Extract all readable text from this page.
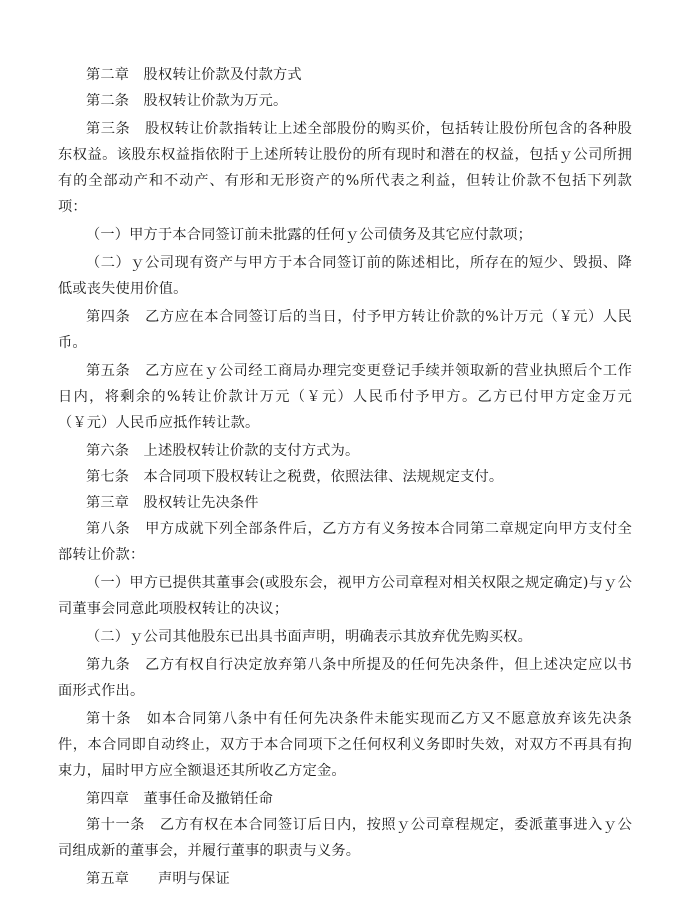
第二章　股权转让价款及付款方式

第二条　股权转让价款为万元。

第三条　股权转让价款指转让上述全部股份的购买价，包括转让股份所包含的各种股东权益。该股东权益指依附于上述所转让股份的所有现时和潜在的权益，包括ｙ公司所拥有的全部动产和不动产、有形和无形资产的%所代表之利益，但转让价款不包括下列款项：

（一）甲方于本合同签订前未批露的任何ｙ公司债务及其它应付款项；

（二）ｙ公司现有资产与甲方于本合同签订前的陈述相比，所存在的短少、毁损、降低或丧失使用价值。

第四条　乙方应在本合同签订后的当日，付予甲方转让价款的%计万元（￥元）人民币。

第五条　乙方应在ｙ公司经工商局办理完变更登记手续并领取新的营业执照后个工作日内，将剩余的%转让价款计万元（￥元）人民币付予甲方。乙方已付甲方定金万元（￥元）人民币应抵作转让款。

第六条　上述股权转让价款的支付方式为。

第七条　本合同项下股权转让之税费，依照法律、法规规定支付。

第三章　股权转让先决条件

第八条　甲方成就下列全部条件后，乙方方有义务按本合同第二章规定向甲方支付全部转让价款：

（一）甲方已提供其董事会(或股东会，视甲方公司章程对相关权限之规定确定)与ｙ公司董事会同意此项股权转让的决议；

（二）ｙ公司其他股东已出具书面声明，明确表示其放弃优先购买权。

第九条　乙方有权自行决定放弃第八条中所提及的任何先决条件，但上述决定应以书面形式作出。

第十条　如本合同第八条中有任何先决条件未能实现而乙方又不愿意放弃该先决条件，本合同即自动终止，双方于本合同项下之任何权利义务即时失效，对双方不再具有拘束力，届时甲方应全额退还其所收乙方定金。

第四章　董事任命及撤销任命

第十一条　乙方有权在本合同签订后日内，按照ｙ公司章程规定，委派董事进入ｙ公司组成新的董事会，并履行董事的职责与义务。

第五章　　声明与保证
